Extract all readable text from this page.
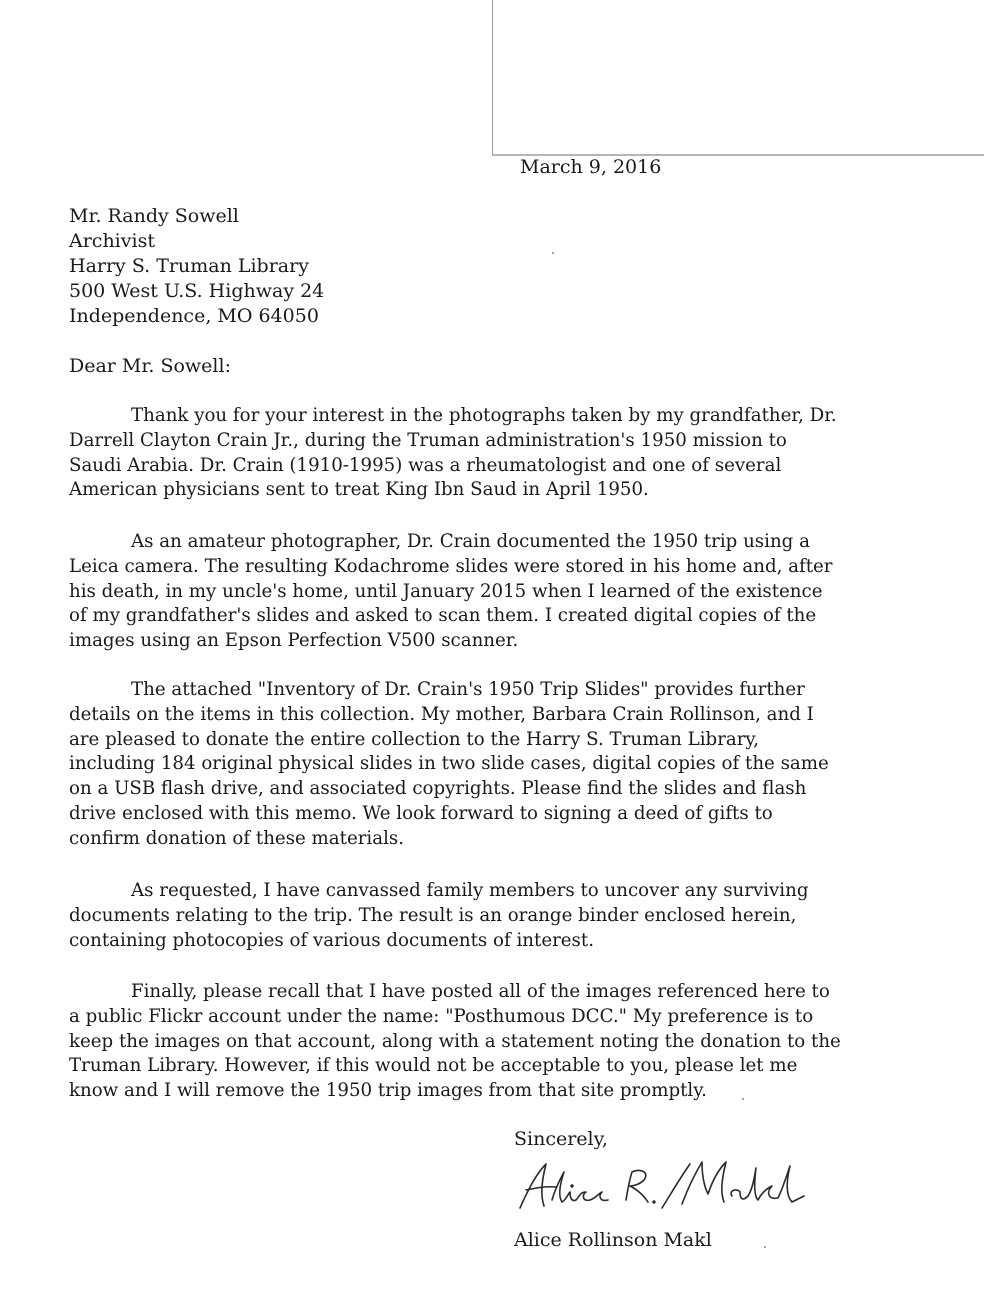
March 9, 2016
Mr. Randy Sowell
Archivist
Harry S. Truman Library
500 West U.S. Highway 24
Independence, MO 64050
Dear Mr. Sowell:

Thank you for your interest in the photographs taken by my grandfather, Dr. Darrell Clayton Crain Jr., during the Truman administration's 1950 mission to Saudi Arabia. Dr. Crain (1910-1995) was a rheumatologist and one of several American physicians sent to treat King Ibn Saud in April 1950.

As an amateur photographer, Dr. Crain documented the 1950 trip using a Leica camera. The resulting Kodachrome slides were stored in his home and, after his death, in my uncle's home, until January 2015 when I learned of the existence of my grandfather's slides and asked to scan them. I created digital copies of the images using an Epson Perfection V500 scanner.

The attached "Inventory of Dr. Crain's 1950 Trip Slides" provides further details on the items in this collection. My mother, Barbara Crain Rollinson, and I are pleased to donate the entire collection to the Harry S. Truman Library, including 184 original physical slides in two slide cases, digital copies of the same on a USB flash drive, and associated copyrights. Please find the slides and flash drive enclosed with this memo. We look forward to signing a deed of gifts to confirm donation of these materials.

As requested, I have canvassed family members to uncover any surviving documents relating to the trip. The result is an orange binder enclosed herein, containing photocopies of various documents of interest.

Finally, please recall that I have posted all of the images referenced here to a public Flickr account under the name: "Posthumous DCC." My preference is to keep the images on that account, along with a statement noting the donation to the Truman Library. However, if this would not be acceptable to you, please let me know and I will remove the 1950 trip images from that site promptly.

Sincerely,
Alice Rollinson Makl
